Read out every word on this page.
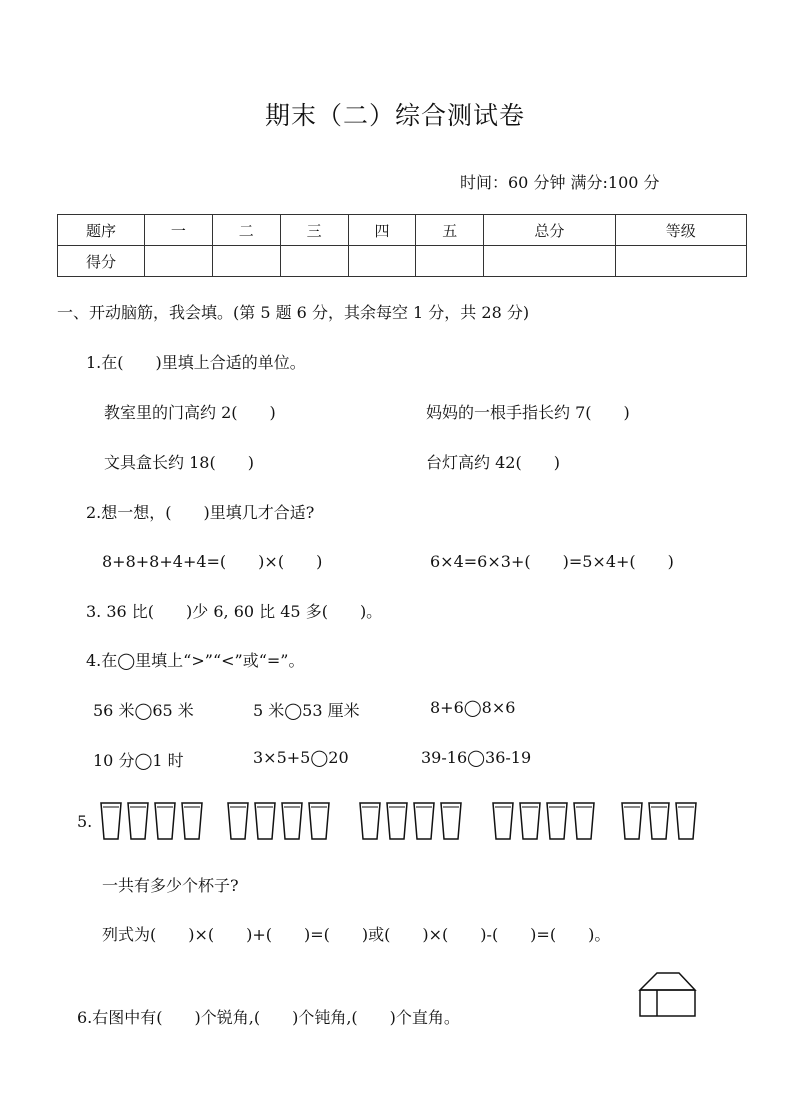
期末（二）综合测试卷
时间：60 分钟 满分:100 分
题序	一	二	三	四	五	总分	等级
得分							
一、开动脑筋，我会填。(第 5 题 6 分，其余每空 1 分，共 28 分)
1.在(　　)里填上合适的单位。
教室里的门高约 2(　　)	妈妈的一根手指长约 7(　　)
文具盒长约 18(　　)	台灯高约 42(　　)
2.想一想，(　　)里填几才合适?
8+8+8+4+4=(　　)×(　　)	6×4=6×3+(　　)=5×4+(　　)
3. 36 比(　　)少 6, 60 比 45 多(　　)。
4.在◯里填上“>”“<”或“=”。
56 米◯65 米	5 米◯53 厘米	8+6◯8×6
10 分◯1 时	3×5+5◯20	39-16◯36-19
5.
一共有多少个杯子?
列式为(　　)×(　　)+(　　)=(　　)或(　　)×(　　)-(　　)=(　　)。
6.右图中有(　　)个锐角,(　　)个钝角,(　　)个直角。
